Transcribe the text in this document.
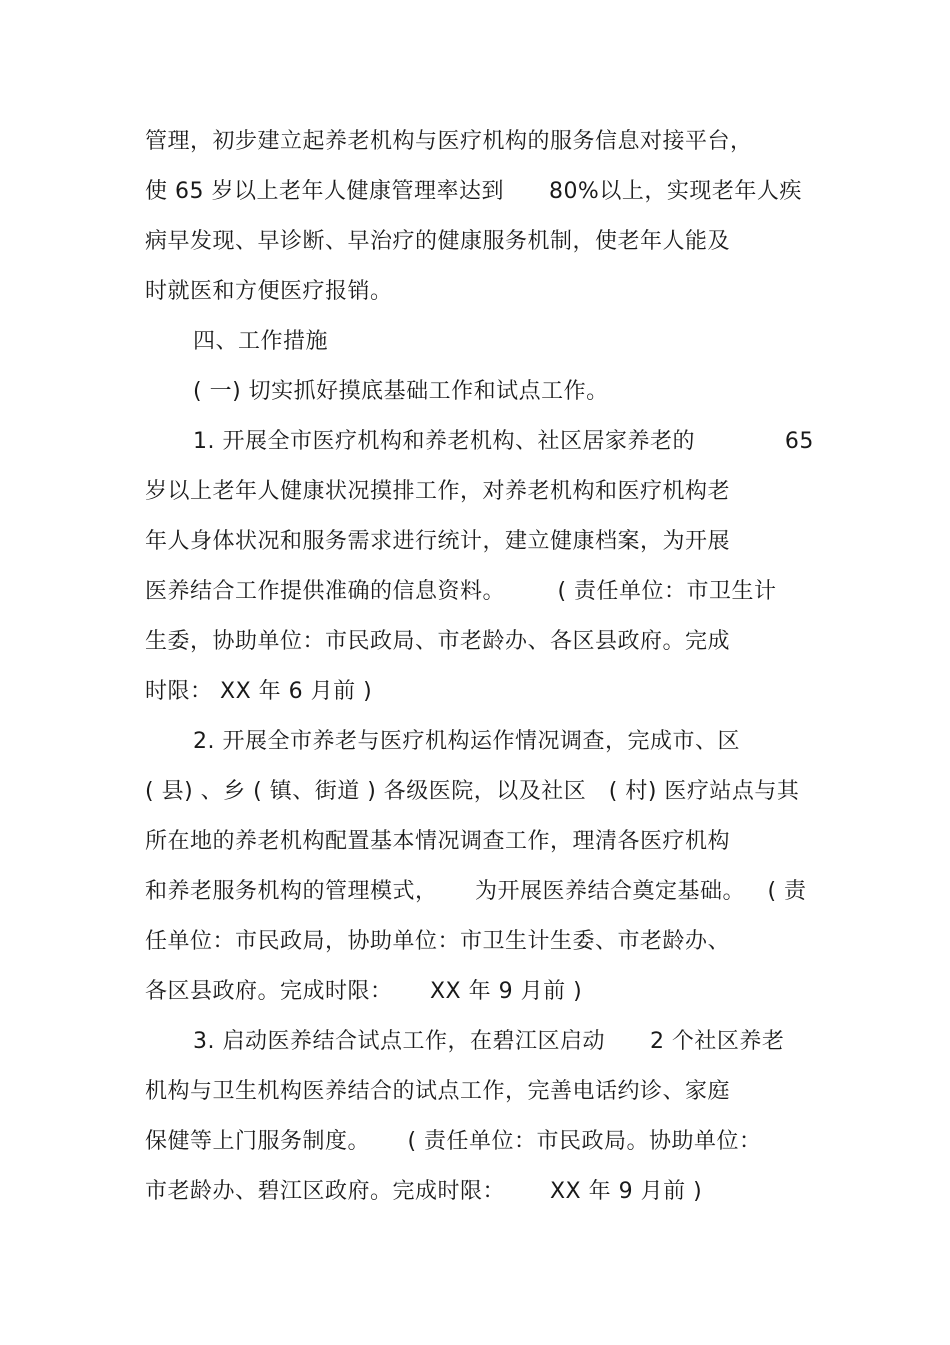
管理，初步建立起养老机构与医疗机构的服务信息对接平台，
使 65 岁以上老年人健康管理率达到      80%以上，实现老年人疾
病早发现、早诊断、早治疗的健康服务机制，使老年人能及
时就医和方便医疗报销。
四、工作措施
( 一) 切实抓好摸底基础工作和试点工作。
1. 开展全市医疗机构和养老机构、社区居家养老的            65
岁以上老年人健康状况摸排工作，对养老机构和医疗机构老
年人身体状况和服务需求进行统计，建立健康档案，为开展
医养结合工作提供准确的信息资料。       ( 责任单位：市卫生计
生委，协助单位：市民政局、市老龄办、各区县政府。完成
时限： XX 年 6 月前 )
2. 开展全市养老与医疗机构运作情况调查，完成市、区
( 县) 、乡 ( 镇、街道 ) 各级医院，以及社区   ( 村) 医疗站点与其
所在地的养老机构配置基本情况调查工作，理清各医疗机构
和养老服务机构的管理模式，     为开展医养结合奠定基础。   ( 责
任单位：市民政局，协助单位：市卫生计生委、市老龄办、
各区县政府。完成时限：     XX 年 9 月前 )
3. 启动医养结合试点工作，在碧江区启动      2 个社区养老
机构与卫生机构医养结合的试点工作，完善电话约诊、家庭
保健等上门服务制度。     ( 责任单位：市民政局。协助单位：
市老龄办、碧江区政府。完成时限：      XX 年 9 月前 )
